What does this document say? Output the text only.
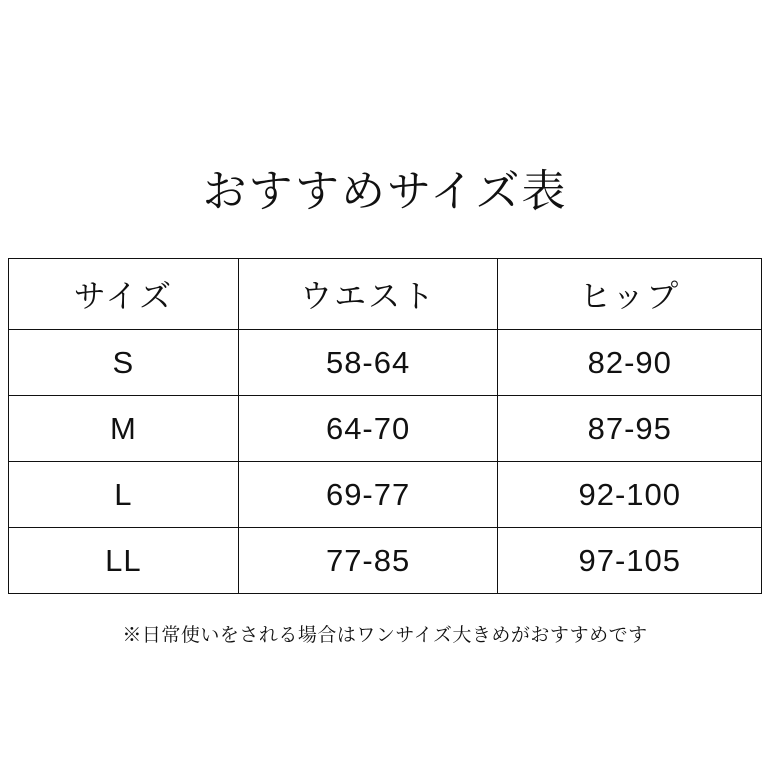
おすすめサイズ表
サイズ	ウエスト	ヒップ
S	58-64	82-90
M	64-70	87-95
L	69-77	92-100
LL	77-85	97-105
※日常使いをされる場合はワンサイズ大きめがおすすめです
